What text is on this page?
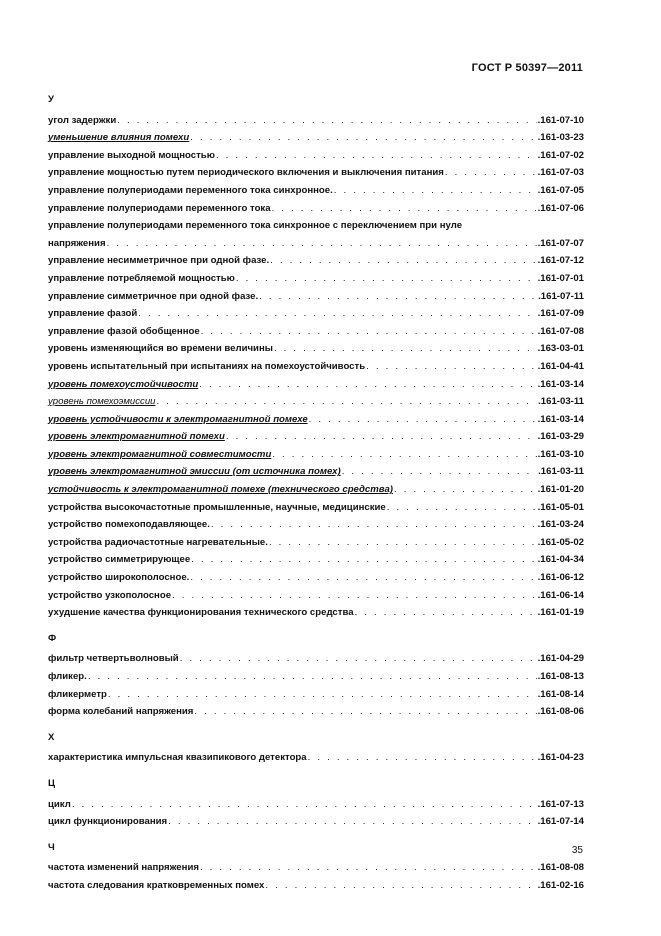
ГОСТ Р 50397—2011
У
угол задержки . . .	.161-07-10
уменьшение влияния помехи . . .	.161-03-23
управление выходной мощностью . . .	.161-07-02
управление мощностью путем периодического включения и выключения питания . . .	.161-07-03
управление полупериодами переменного тока синхронное. . . .	.161-07-05
управление полупериодами переменного тока . . .	.161-07-06
управление полупериодами переменного тока синхронное с переключением при нуле
напряжения . . .	.161-07-07
управление несимметричное при одной фазе. . . .	.161-07-12
управление потребляемой мощностью . . .	.161-07-01
управление симметричное при одной фазе. . . .	.161-07-11
управление фазой . . .	.161-07-09
управление фазой обобщенное . . .	.161-07-08
уровень изменяющийся во времени величины . . .	.163-03-01
уровень испытательный при испытаниях на помехоустойчивость . . .	.161-04-41
уровень помехоустойчивости . . .	.161-03-14
уровень помехоэмиссии . . .	.161-03-11
уровень устойчивости к электромагнитной помехе . . .	.161-03-14
уровень электромагнитной помехи . . .	.161-03-29
уровень электромагнитной совместимости . . .	.161-03-10
уровень электромагнитной эмиссии (от источника помех) . . .	.161-03-11
устойчивость к электромагнитной помехе (технического средства) . . .	.161-01-20
устройства высокочастотные промышленные, научные, медицинские . . .	.161-05-01
устройство помехоподавляющее. . . .	.161-03-24
устройства радиочастотные нагревательные. . . .	.161-05-02
устройство симметрирующее . . .	.161-04-34
устройство широкополосное. . . .	.161-06-12
устройство узкополосное . . .	.161-06-14
ухудшение качества функционирования технического средства . . .	.161-01-19
Ф
фильтр четвертьволновый . . .	.161-04-29
фликер. . . .	.161-08-13
фликерметр . . .	.161-08-14
форма колебаний напряжения . . .	.161-08-06
Х
характеристика импульсная квазипикового детектора . . .	.161-04-23
Ц
цикл . . .	.161-07-13
цикл функционирования . . .	.161-07-14
Ч
частота изменений напряжения . . .	.161-08-08
частота следования кратковременных помех . . .	.161-02-16
35
